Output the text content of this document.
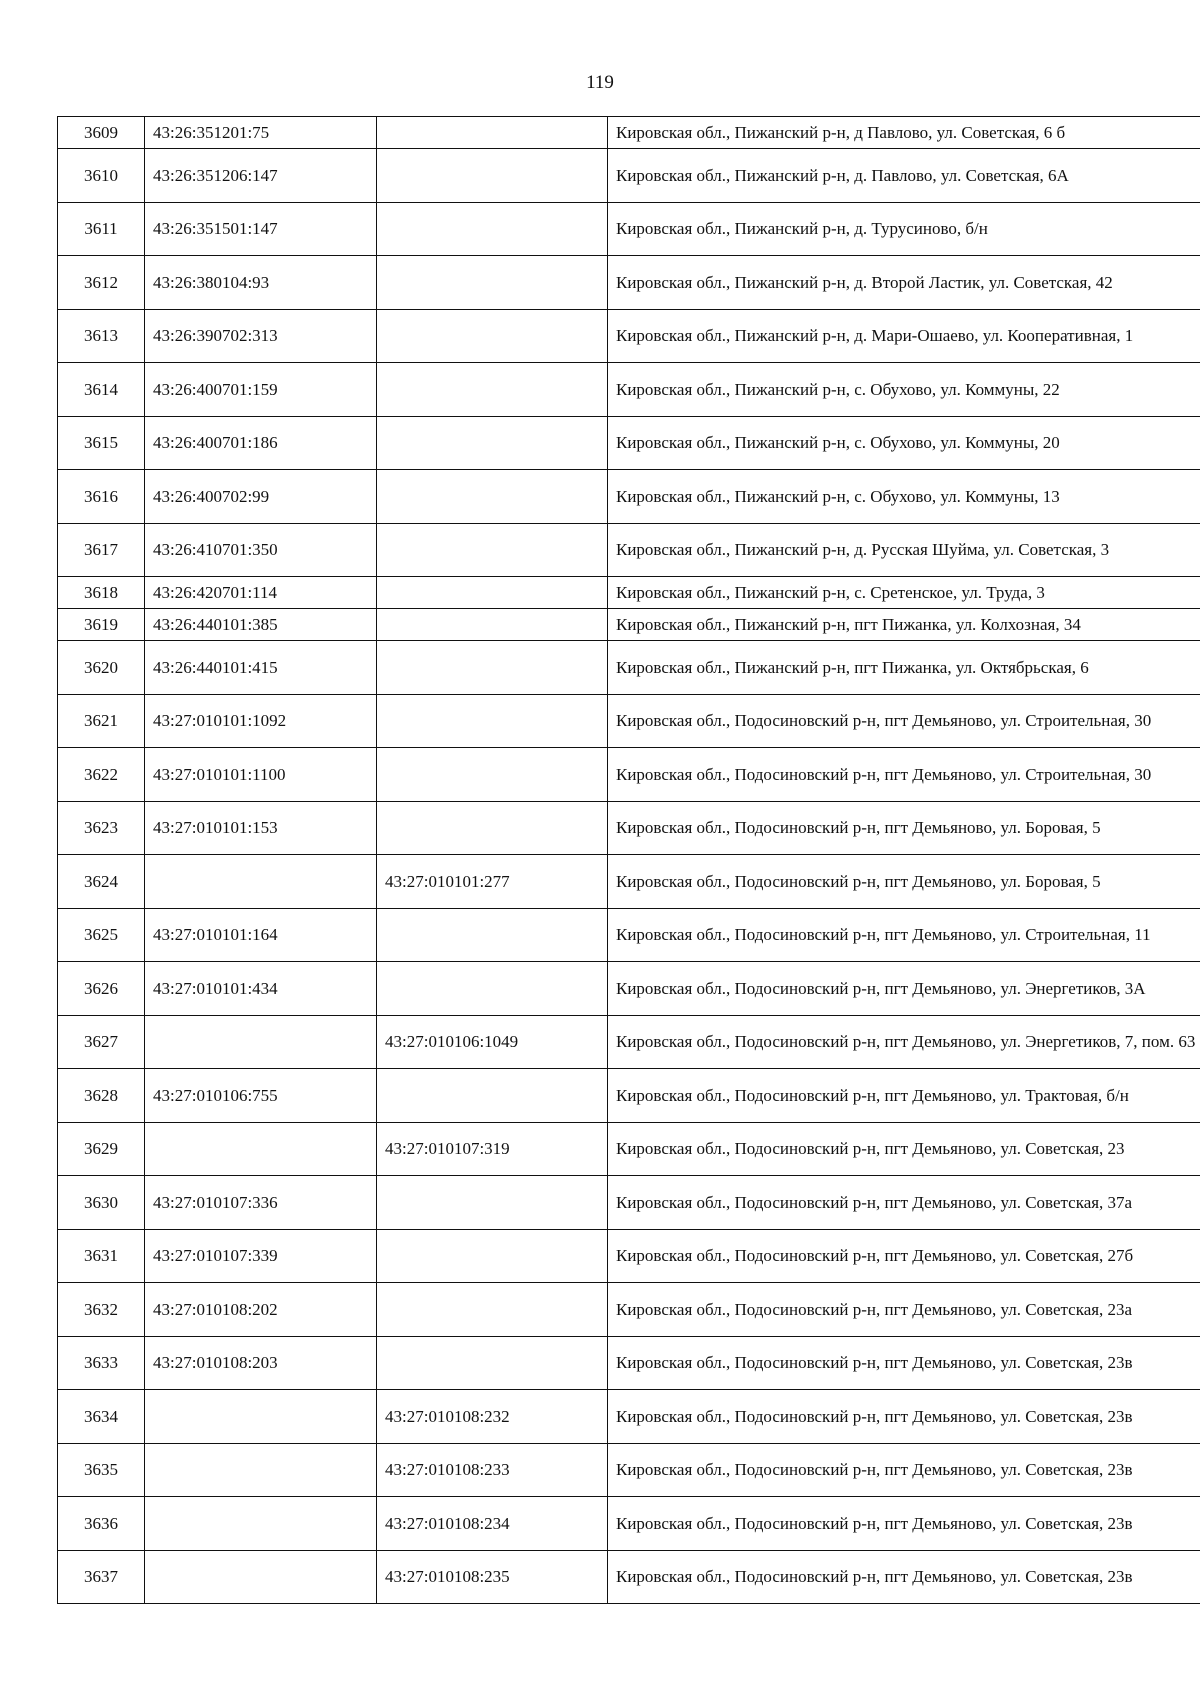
119
3609	43:26:351201:75		Кировская обл., Пижанский р-н, д Павлово, ул. Советская, 6 б
3610	43:26:351206:147		Кировская обл., Пижанский р-н, д. Павлово, ул. Советская, 6А
3611	43:26:351501:147		Кировская обл., Пижанский р-н, д. Турусиново, б/н
3612	43:26:380104:93		Кировская обл., Пижанский р-н, д. Второй Ластик, ул. Советская, 42
3613	43:26:390702:313		Кировская обл., Пижанский р-н, д. Мари-Ошаево, ул. Кооперативная, 1
3614	43:26:400701:159		Кировская обл., Пижанский р-н, с. Обухово, ул. Коммуны, 22
3615	43:26:400701:186		Кировская обл., Пижанский р-н, с. Обухово, ул. Коммуны, 20
3616	43:26:400702:99		Кировская обл., Пижанский р-н, с. Обухово, ул. Коммуны, 13
3617	43:26:410701:350		Кировская обл., Пижанский р-н, д. Русская Шуйма, ул. Советская, 3
3618	43:26:420701:114		Кировская обл., Пижанский р-н, с. Сретенское, ул. Труда, 3
3619	43:26:440101:385		Кировская обл., Пижанский р-н, пгт Пижанка, ул. Колхозная, 34
3620	43:26:440101:415		Кировская обл., Пижанский р-н, пгт Пижанка, ул. Октябрьская, 6
3621	43:27:010101:1092		Кировская обл., Подосиновский р-н, пгт Демьяново, ул. Строительная, 30
3622	43:27:010101:1100		Кировская обл., Подосиновский р-н, пгт Демьяново, ул. Строительная, 30
3623	43:27:010101:153		Кировская обл., Подосиновский р-н, пгт Демьяново, ул. Боровая, 5
3624		43:27:010101:277	Кировская обл., Подосиновский р-н, пгт Демьяново, ул. Боровая, 5
3625	43:27:010101:164		Кировская обл., Подосиновский р-н, пгт Демьяново, ул. Строительная, 11
3626	43:27:010101:434		Кировская обл., Подосиновский р-н, пгт Демьяново, ул. Энергетиков, 3А
3627		43:27:010106:1049	Кировская обл., Подосиновский р-н, пгт Демьяново, ул. Энергетиков, 7, пом. 63
3628	43:27:010106:755		Кировская обл., Подосиновский р-н, пгт Демьяново, ул. Трактовая, б/н
3629		43:27:010107:319	Кировская обл., Подосиновский р-н, пгт Демьяново, ул. Советская, 23
3630	43:27:010107:336		Кировская обл., Подосиновский р-н, пгт Демьяново, ул. Советская, 37а
3631	43:27:010107:339		Кировская обл., Подосиновский р-н, пгт Демьяново, ул. Советская, 27б
3632	43:27:010108:202		Кировская обл., Подосиновский р-н, пгт Демьяново, ул. Советская, 23а
3633	43:27:010108:203		Кировская обл., Подосиновский р-н, пгт Демьяново, ул. Советская, 23в
3634		43:27:010108:232	Кировская обл., Подосиновский р-н, пгт Демьяново, ул. Советская, 23в
3635		43:27:010108:233	Кировская обл., Подосиновский р-н, пгт Демьяново, ул. Советская, 23в
3636		43:27:010108:234	Кировская обл., Подосиновский р-н, пгт Демьяново, ул. Советская, 23в
3637		43:27:010108:235	Кировская обл., Подосиновский р-н, пгт Демьяново, ул. Советская, 23в
